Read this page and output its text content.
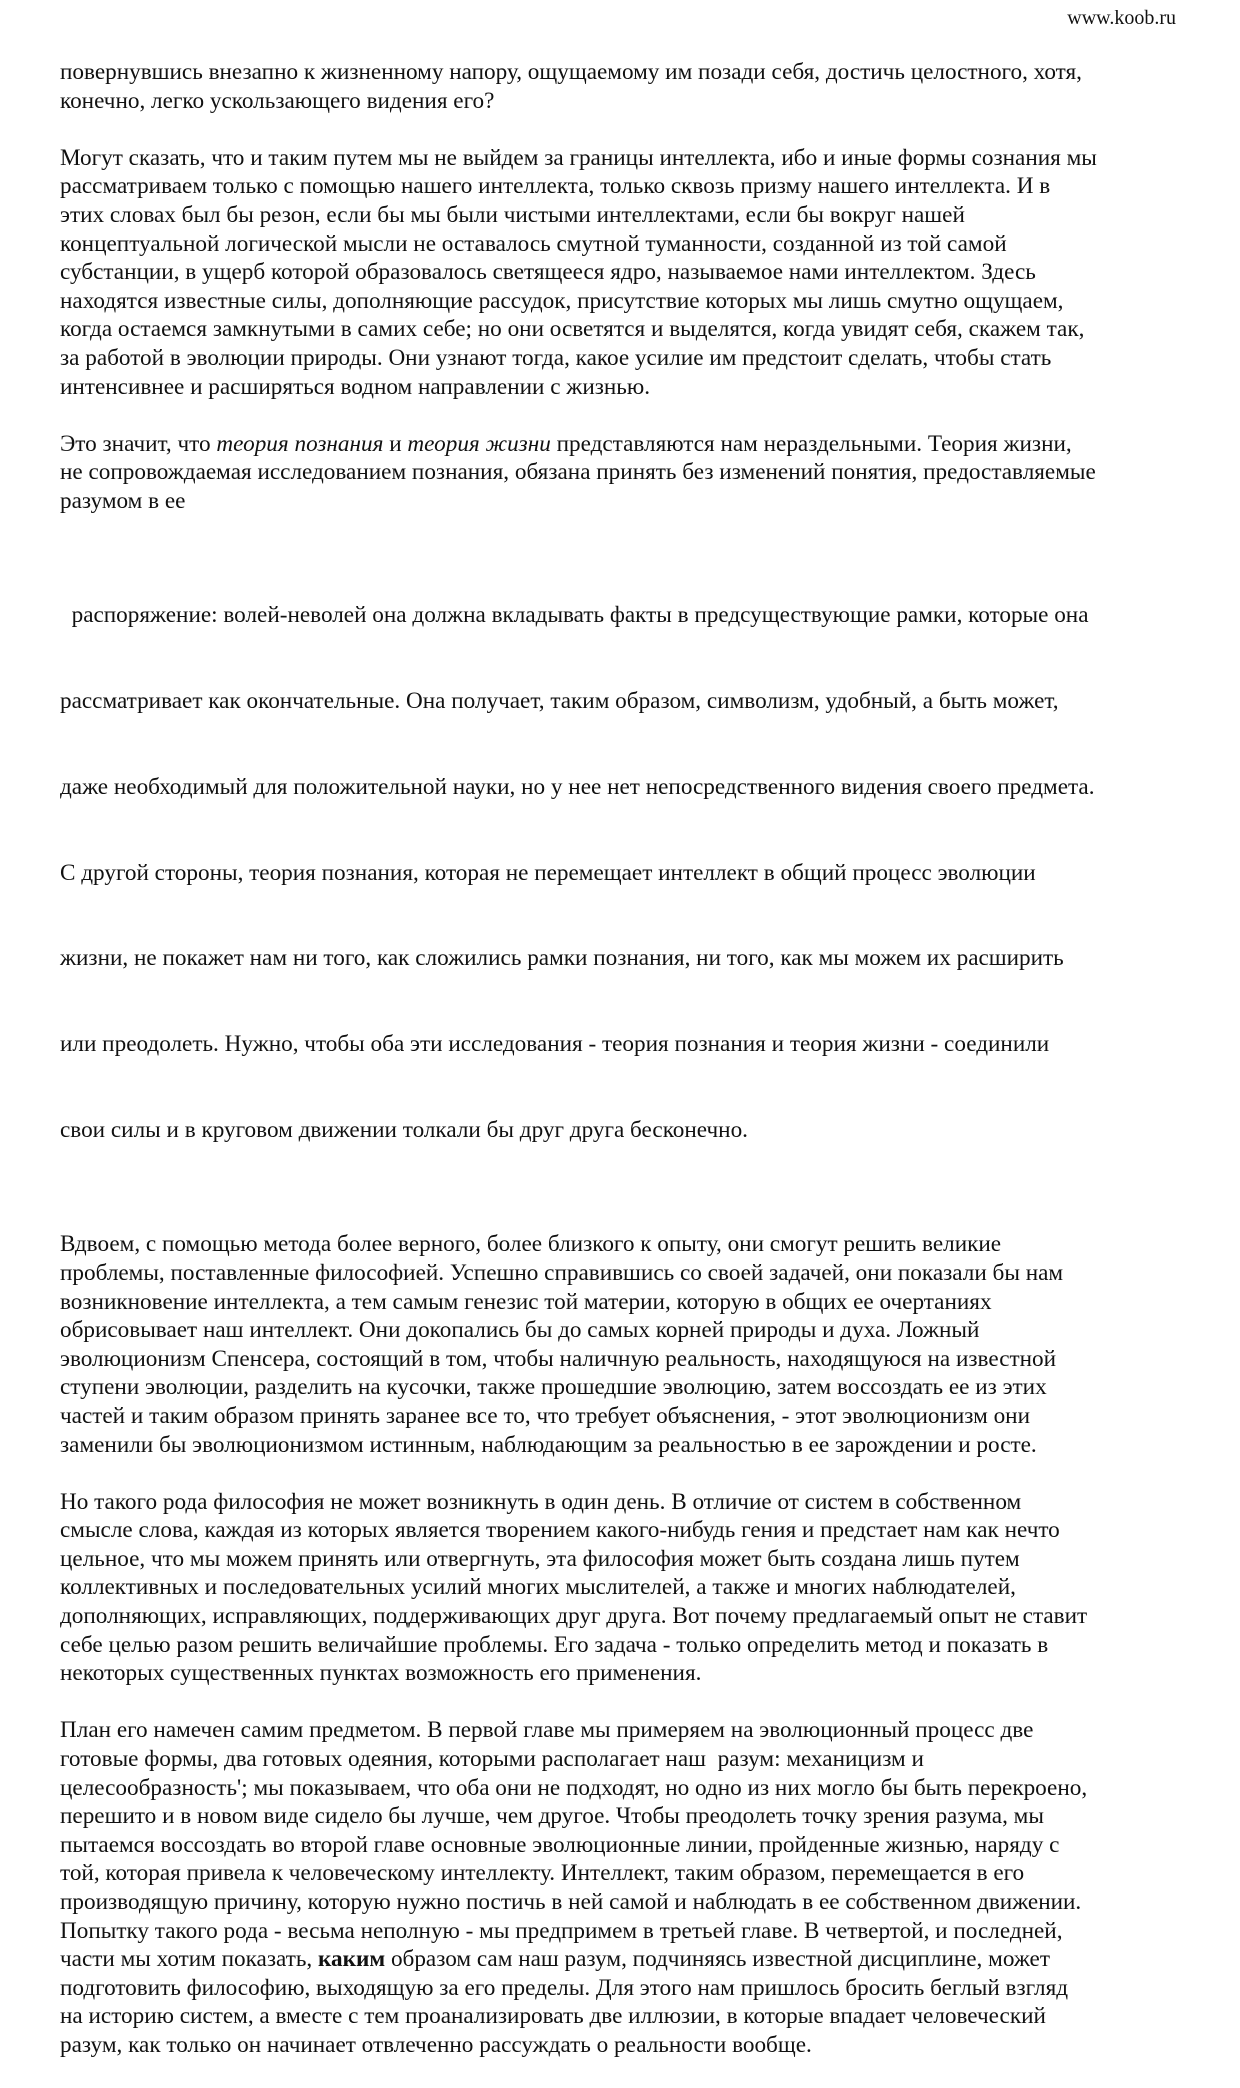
www.koob.ru

повернувшись внезапно к жизненному напору, ощущаемому им позади себя, достичь целостного, хотя,
конечно, легко ускользающего видения его?

Могут сказать, что и таким путем мы не выйдем за границы интеллекта, ибо и иные формы сознания мы
рассматриваем только с помощью нашего интеллекта, только сквозь призму нашего интеллекта. И в
этих словах был бы резон, если бы мы были чистыми интеллектами, если бы вокруг нашей
концептуальной логической мысли не оставалось смутной туманности, созданной из той самой
субстанции, в ущерб которой образовалось светящееся ядро, называемое нами интеллектом. Здесь
находятся известные силы, дополняющие рассудок, присутствие которых мы лишь смутно ощущаем,
когда остаемся замкнутыми в самих себе; но они осветятся и выделятся, когда увидят себя, скажем так,
за работой в эволюции природы. Они узнают тогда, какое усилие им предстоит сделать, чтобы стать
интенсивнее и расширяться водном направлении с жизнью.

Это значит, что теория познания и теория жизни представляются нам нераздельными. Теория жизни,
не сопровождаемая исследованием познания, обязана принять без изменений понятия, предоставляемые
разумом в ее

распоряжение: волей-неволей она должна вкладывать факты в предсуществующие рамки, которые она

рассматривает как окончательные. Она получает, таким образом, символизм, удобный, а быть может,

даже необходимый для положительной науки, но у нее нет непосредственного видения своего предмета.

С другой стороны, теория познания, которая не перемещает интеллект в общий процесс эволюции

жизни, не покажет нам ни того, как сложились рамки познания, ни того, как мы можем их расширить

или преодолеть. Нужно, чтобы оба эти исследования - теория познания и теория жизни - соединили

свои силы и в круговом движении толкали бы друг друга бесконечно.

Вдвоем, с помощью метода более верного, более близкого к опыту, они смогут решить великие
проблемы, поставленные философией. Успешно справившись со своей задачей, они показали бы нам
возникновение интеллекта, а тем самым генезис той материи, которую в общих ее очертаниях
обрисовывает наш интеллект. Они докопались бы до самых корней природы и духа. Ложный
эволюционизм Спенсера, состоящий в том, чтобы наличную реальность, находящуюся на известной
ступени эволюции, разделить на кусочки, также прошедшие эволюцию, затем воссоздать ее из этих
частей и таким образом принять заранее все то, что требует объяснения, - этот эволюционизм они
заменили бы эволюционизмом истинным, наблюдающим за реальностью в ее зарождении и росте.

Но такого рода философия не может возникнуть в один день. В отличие от систем в собственном
смысле слова, каждая из которых является творением какого-нибудь гения и предстает нам как нечто
цельное, что мы можем принять или отвергнуть, эта философия может быть создана лишь путем
коллективных и последовательных усилий многих мыслителей, а также и многих наблюдателей,
дополняющих, исправляющих, поддерживающих друг друга. Вот почему предлагаемый опыт не ставит
себе целью разом решить величайшие проблемы. Его задача - только определить метод и показать в
некоторых существенных пунктах возможность его применения.

План его намечен самим предметом. В первой главе мы примеряем на эволюционный процесс две
готовые формы, два готовых одеяния, которыми располагает наш  разум: механицизм и
целесообразность'; мы показываем, что оба они не подходят, но одно из них могло бы быть перекроено,
перешито и в новом виде сидело бы лучше, чем другое. Чтобы преодолеть точку зрения разума, мы
пытаемся воссоздать во второй главе основные эволюционные линии, пройденные жизнью, наряду с
той, которая привела к человеческому интеллекту. Интеллект, таким образом, перемещается в его
производящую причину, которую нужно постичь в ней самой и наблюдать в ее собственном движении.
Попытку такого рода - весьма неполную - мы предпримем в третьей главе. В четвертой, и последней,
части мы хотим показать, каким образом сам наш разум, подчиняясь известной дисциплине, может
подготовить философию, выходящую за его пределы. Для этого нам пришлось бросить беглый взгляд
на историю систем, а вместе с тем проанализировать две иллюзии, в которые впадает человеческий
разум, как только он начинает отвлеченно рассуждать о реальности вообще.
